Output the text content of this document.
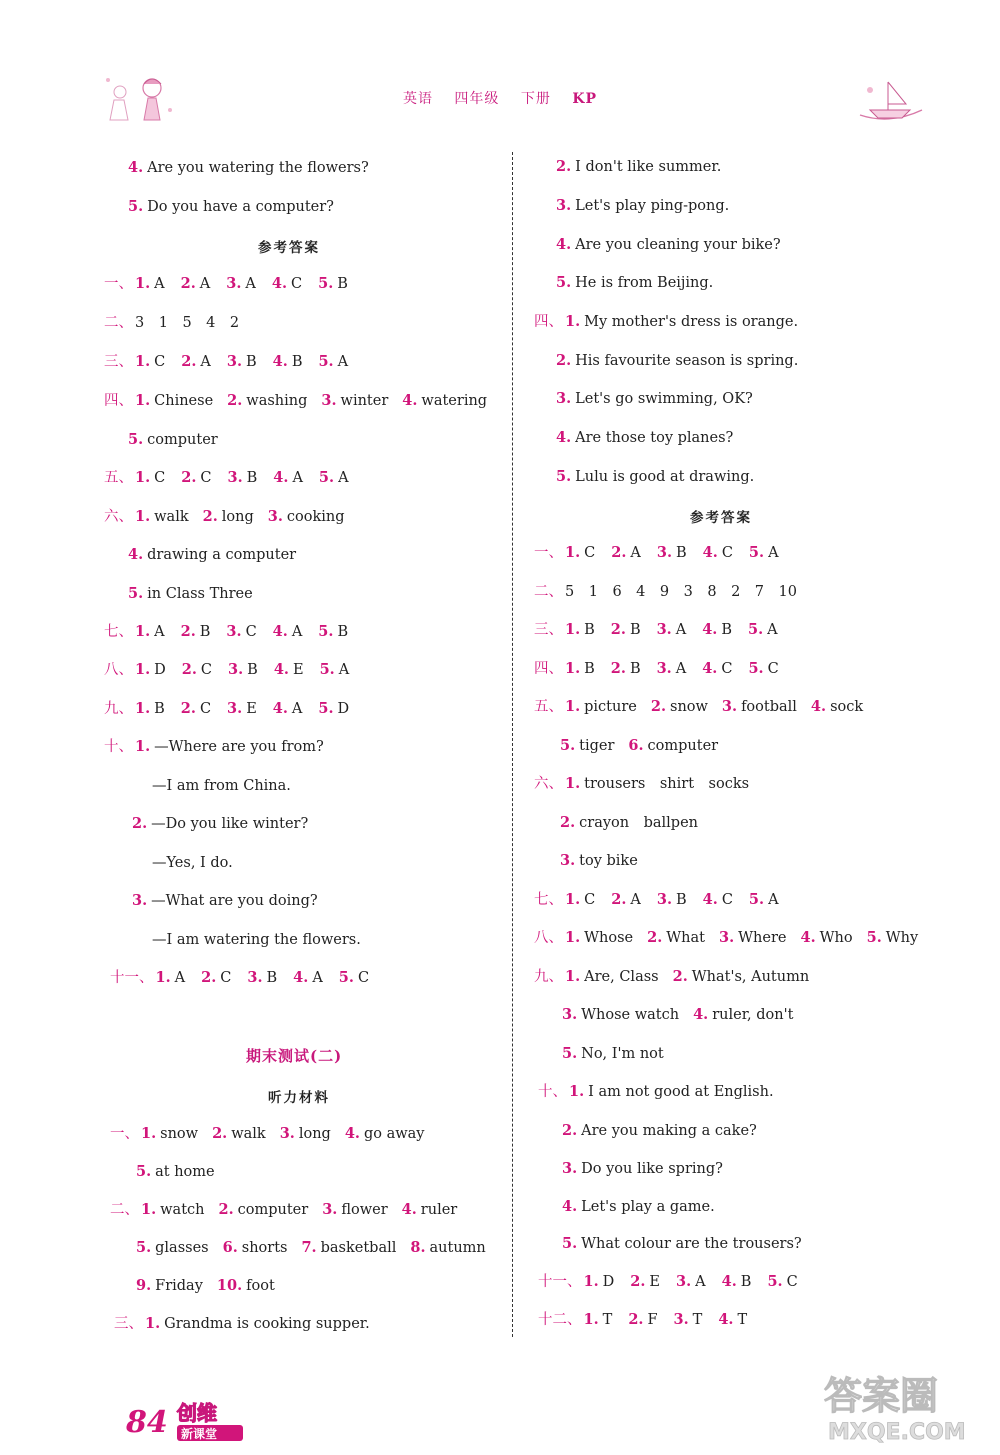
英语 四年级 下册 KP
4. Are you watering the flowers?
5. Do you have a computer?
参考答案
一、 1. A 2. A 3. A 4. C 5. B
二、 3　1　5　4　2
三、 1. C 2. A 3. B 4. B 5. A
四、 1. Chinese 2. washing 3. winter 4. watering
5. computer
五、 1. C 2. C 3. B 4. A 5. A
六、 1. walk 2. long 3. cooking
4. drawing a computer
5. in Class Three
七、 1. A 2. B 3. C 4. A 5. B
八、 1. D 2. C 3. B 4. E 5. A
九、 1. B 2. C 3. E 4. A 5. D
十、 1. —Where are you from?
—I am from China.
2. —Do you like winter?
—Yes, I do.
3. —What are you doing?
—I am watering the flowers.
十一、 1. A 2. C 3. B 4. A 5. C
期末测试(二)
听力材料
一、 1. snow 2. walk 3. long 4. go away
5. at home
二、 1. watch 2. computer 3. flower 4. ruler
5. glasses 6. shorts 7. basketball 8. autumn
9. Friday 10. foot
三、 1. Grandma is cooking supper.
2. I don't like summer.
3. Let's play ping-pong.
4. Are you cleaning your bike?
5. He is from Beijing.
四、 1. My mother's dress is orange.
2. His favourite season is spring.
3. Let's go swimming, OK?
4. Are those toy planes?
5. Lulu is good at drawing.
参考答案
一、 1. C 2. A 3. B 4. C 5. A
二、 5　1　6　4　9　3　8　2　7　10
三、 1. B 2. B 3. A 4. B 5. A
四、 1. B 2. B 3. A 4. C 5. C
五、 1. picture 2. snow 3. football 4. sock
5. tiger 6. computer
六、 1. trousers　shirt　socks
2. crayon　ballpen
3. toy bike
七、 1. C 2. A 3. B 4. C 5. A
八、 1. Whose 2. What 3. Where 4. Who 5. Why
九、 1. Are, Class 2. What's, Autumn
3. Whose watch 4. ruler, don't
5. No, I'm not
十、 1. I am not good at English.
2. Are you making a cake?
3. Do you like spring?
4. Let's play a game.
5. What colour are the trousers?
十一、 1. D 2. E 3. A 4. B 5. C
十二、 1. T 2. F 3. T 4. T
84 创维
新课堂
答案圈
MXQE.COM
